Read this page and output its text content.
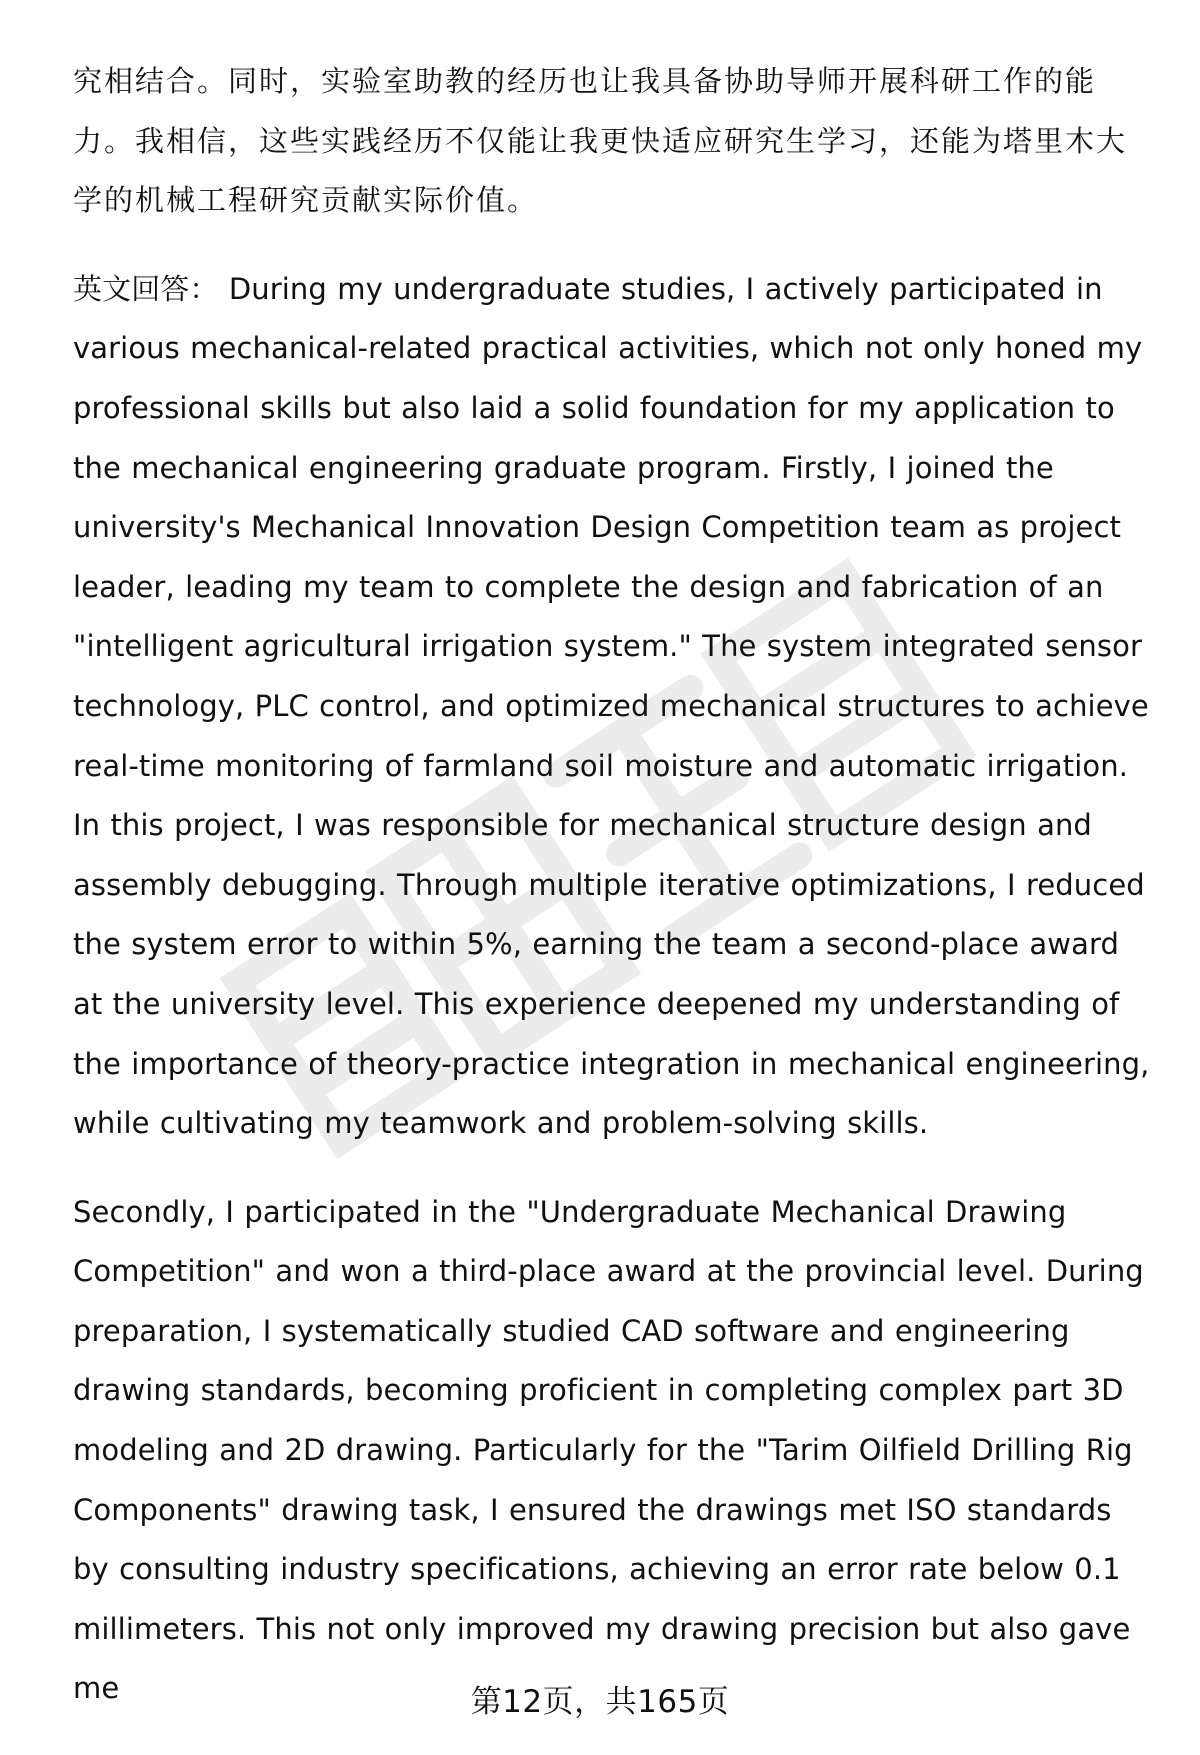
究相结合。同时，实验室助教的经历也让我具备协助导师开展科研工作的能力。我相信，这些实践经历不仅能让我更快适应研究生学习，还能为塔里木大学的机械工程研究贡献实际价值。

英文回答： During my undergraduate studies, I actively participated in various mechanical-related practical activities, which not only honed my professional skills but also laid a solid foundation for my application to the mechanical engineering graduate program. Firstly, I joined the university's Mechanical Innovation Design Competition team as project leader, leading my team to complete the design and fabrication of an "intelligent agricultural irrigation system." The system integrated sensor technology, PLC control, and optimized mechanical structures to achieve real-time monitoring of farmland soil moisture and automatic irrigation. In this project, I was responsible for mechanical structure design and assembly debugging. Through multiple iterative optimizations, I reduced the system error to within 5%, earning the team a second-place award at the university level. This experience deepened my understanding of the importance of theory-practice integration in mechanical engineering, while cultivating my teamwork and problem-solving skills.

Secondly, I participated in the "Undergraduate Mechanical Drawing Competition" and won a third-place award at the provincial level. During preparation, I systematically studied CAD software and engineering drawing standards, becoming proficient in completing complex part 3D modeling and 2D drawing. Particularly for the "Tarim Oilfield Drilling Rig Components" drawing task, I ensured the drawings met ISO standards by consulting industry specifications, achieving an error rate below 0.1 millimeters. This not only improved my drawing precision but also gave me	第12页，共165页
